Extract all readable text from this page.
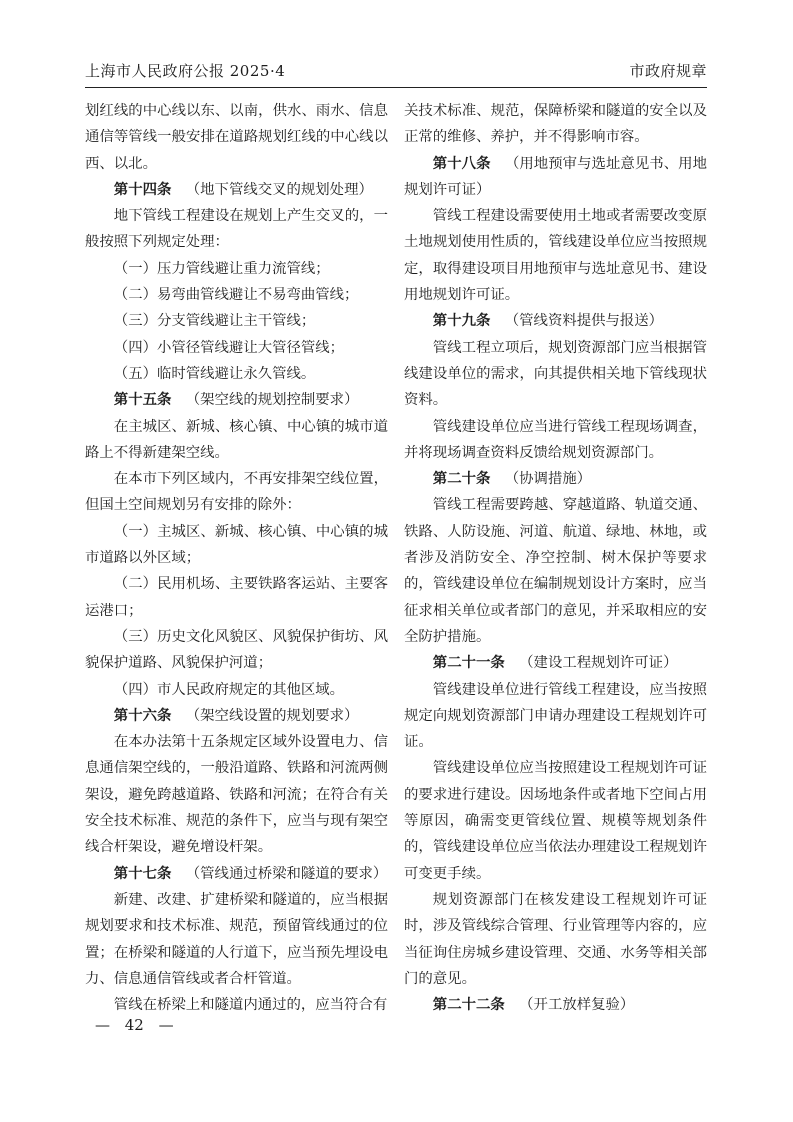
上海市人民政府公报 2025·4	市政府规章

划红线的中心线以东、以南，供水、雨水、信息通信等管线一般安排在道路规划红线的中心线以西、以北。

第十四条 （地下管线交叉的规划处理）

地下管线工程建设在规划上产生交叉的，一般按照下列规定处理：

（一）压力管线避让重力流管线；

（二）易弯曲管线避让不易弯曲管线；

（三）分支管线避让主干管线；

（四）小管径管线避让大管径管线；

（五）临时管线避让永久管线。

第十五条 （架空线的规划控制要求）

在主城区、新城、核心镇、中心镇的城市道路上不得新建架空线。

在本市下列区域内，不再安排架空线位置，但国土空间规划另有安排的除外：

（一）主城区、新城、核心镇、中心镇的城市道路以外区域；

（二）民用机场、主要铁路客运站、主要客运港口；

（三）历史文化风貌区、风貌保护街坊、风貌保护道路、风貌保护河道；

（四）市人民政府规定的其他区域。

第十六条 （架空线设置的规划要求）

在本办法第十五条规定区域外设置电力、信息通信架空线的，一般沿道路、铁路和河流两侧架设，避免跨越道路、铁路和河流；在符合有关安全技术标准、规范的条件下，应当与现有架空线合杆架设，避免增设杆架。

第十七条 （管线通过桥梁和隧道的要求）

新建、改建、扩建桥梁和隧道的，应当根据规划要求和技术标准、规范，预留管线通过的位置；在桥梁和隧道的人行道下，应当预先埋设电力、信息通信管线或者合杆管道。

管线在桥梁上和隧道内通过的，应当符合有

关技术标准、规范，保障桥梁和隧道的安全以及正常的维修、养护，并不得影响市容。

第十八条 （用地预审与选址意见书、用地规划许可证）

管线工程建设需要使用土地或者需要改变原土地规划使用性质的，管线建设单位应当按照规定，取得建设项目用地预审与选址意见书、建设用地规划许可证。

第十九条 （管线资料提供与报送）

管线工程立项后，规划资源部门应当根据管线建设单位的需求，向其提供相关地下管线现状资料。

管线建设单位应当进行管线工程现场调查，并将现场调查资料反馈给规划资源部门。

第二十条 （协调措施）

管线工程需要跨越、穿越道路、轨道交通、铁路、人防设施、河道、航道、绿地、林地，或者涉及消防安全、净空控制、树木保护等要求的，管线建设单位在编制规划设计方案时，应当征求相关单位或者部门的意见，并采取相应的安全防护措施。

第二十一条 （建设工程规划许可证）

管线建设单位进行管线工程建设，应当按照规定向规划资源部门申请办理建设工程规划许可证。

管线建设单位应当按照建设工程规划许可证的要求进行建设。因场地条件或者地下空间占用等原因，确需变更管线位置、规模等规划条件的，管线建设单位应当依法办理建设工程规划许可变更手续。

规划资源部门在核发建设工程规划许可证时，涉及管线综合管理、行业管理等内容的，应当征询住房城乡建设管理、交通、水务等相关部门的意见。

第二十二条 （开工放样复验）

— 42 —
